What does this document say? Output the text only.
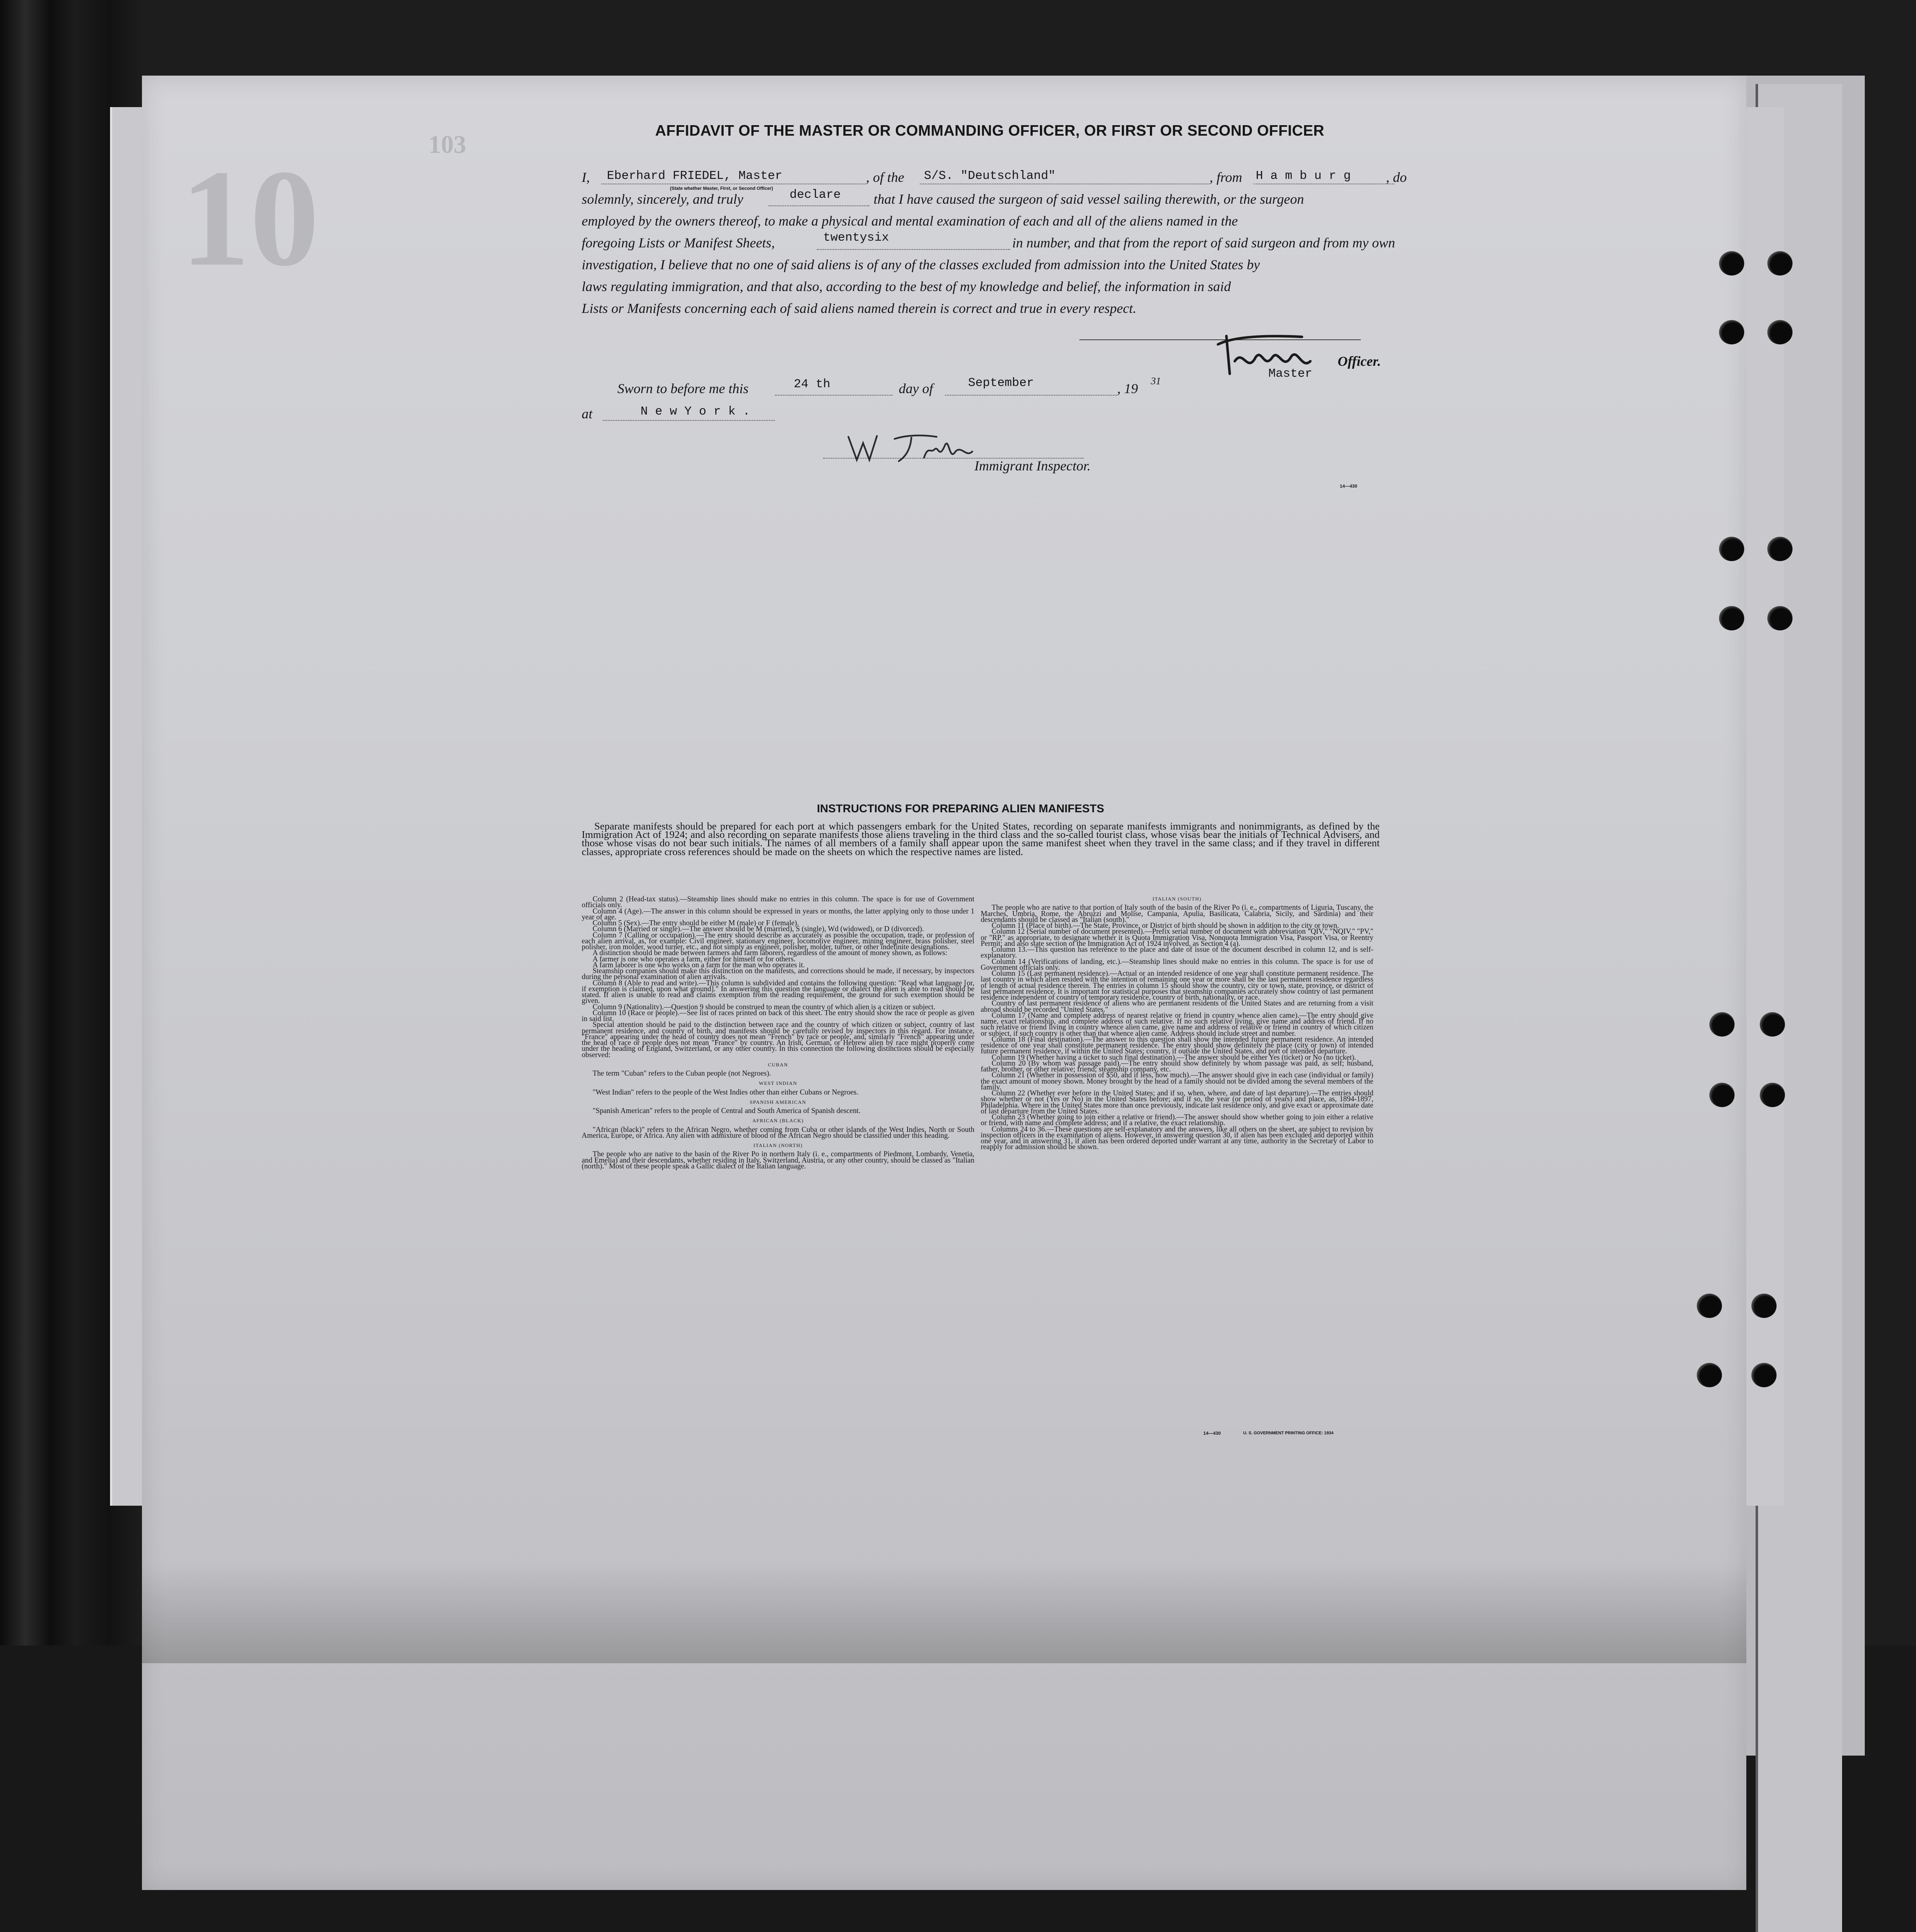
10	103
AFFIDAVIT OF THE MASTER OR COMMANDING OFFICER, OR FIRST OR SECOND OFFICER
I, Eberhard FRIEDEL, Master
(State whether Master, First, or Second Officer)
, of the S/S. "Deutschland"	, from H a m b u r g	, do
solemnly, sincerely, and truly	declare that I have caused the surgeon of said vessel sailing therewith, or the surgeon
employed by the owners thereof, to make a physical and mental examination of each and all of the aliens named in the
foregoing Lists or Manifest Sheets,	twentysix	in number, and that from the report of said surgeon and from my own
investigation, I believe that no one of said aliens is of any of the classes excluded from admission into the United States by
laws regulating immigration, and that also, according to the best of my knowledge and belief, the information in said
Lists or Manifests concerning each of said aliens named therein is correct and true in every respect.
Officer.
Master
Sworn to before me this	24 th	day of	September	, 19 31
at	N e w Y o r k .
Immigrant Inspector.
14—430
INSTRUCTIONS FOR PREPARING ALIEN MANIFESTS
Separate manifests should be prepared for each port at which passengers embark for the United States, recording on separate manifests immigrants and nonimmigrants, as defined by the Immigration Act of 1924; and also recording on separate manifests those aliens traveling in the third class and the so-called tourist class, whose visas bear the initials of Technical Advisers, and those whose visas do not bear such initials. The names of all members of a family shall appear upon the same manifest sheet when they travel in the same class; and if they travel in different classes, appropriate cross references should be made on the sheets on which the respective names are listed.

Column 2 (Head-tax status).—Steamship lines should make no entries in this column. The space is for use of Government officials only.

Column 4 (Age).—The answer in this column should be expressed in years or months, the latter applying only to those under 1 year of age.

Column 5 (Sex).—The entry should be either M (male) or F (female).

Column 6 (Married or single).—The answer should be M (married), S (single), Wd (widowed), or D (divorced).

Column 7 (Calling or occupation).—The entry should describe as accurately as possible the occupation, trade, or profession of each alien arrival, as, for example: Civil engineer, stationary engineer, locomotive engineer, mining engineer, brass polisher, steel polisher, iron molder, wood turner, etc., and not simply as engineer, polisher, molder, turner, or other indefinite designations.

A distinction should be made between farmers and farm laborers, regardless of the amount of money shown, as follows:

A farmer is one who operates a farm, either for himself or for others.

A farm laborer is one who works on a farm for the man who operates it.

Steamship companies should make this distinction on the manifests, and corrections should be made, if necessary, by inspectors during the personal examination of alien arrivals.

Column 8 (Able to read and write).—This column is subdivided and contains the following question: "Read what language [or, if exemption is claimed, upon what ground]." In answering this question the language or dialect the alien is able to read should be stated. If alien is unable to read and claims exemption from the reading requirement, the ground for such exemption should be given.

Column 9 (Nationality).—Question 9 should be construed to mean the country of which alien is a citizen or subject.

Column 10 (Race or people).—See list of races printed on back of this sheet. The entry should show the race or people as given in said list.

Special attention should be paid to the distinction between race and the country of which citizen or subject, country of last permanent residence, and country of birth, and manifests should be carefully revised by inspectors in this regard. For instance, "France" appearing under the head of country does not mean "French" by race or people, and, similarly "French" appearing under the head of race or people does not mean "France" by country. An Irish, German, or Hebrew alien by race might properly come under the heading of England, Switzerland, or any other country. In this connection the following distinctions should be especially observed:

CUBAN

The term "Cuban" refers to the Cuban people (not Negroes).

WEST INDIAN

"West Indian" refers to the people of the West Indies other than either Cubans or Negroes.

SPANISH AMERICAN

"Spanish American" refers to the people of Central and South America of Spanish descent.

AFRICAN (BLACK)

"African (black)" refers to the African Negro, whether coming from Cuba or other islands of the West Indies, North or South America, Europe, or Africa. Any alien with admixture of blood of the African Negro should be classified under this heading.

ITALIAN (NORTH)

The people who are native to the basin of the River Po in northern Italy (i. e., compartments of Piedmont, Lombardy, Venetia, and Emelia) and their descendants, whether residing in Italy, Switzerland, Austria, or any other country, should be classed as "Italian (north)." Most of these people speak a Gallic dialect of the Italian language.

ITALIAN (SOUTH)

The people who are native to that portion of Italy south of the basin of the River Po (i. e., compartments of Liguria, Tuscany, the Marches, Umbria, Rome, the Abruzzi and Molise, Campania, Apulia, Basilicata, Calabria, Sicily, and Sardinia) and their descendants should be classed as "Italian (south)."

Column 11 (Place of birth).—The State, Province, or District of birth should be shown in addition to the city or town.

Column 12 (Serial number of document presented).—Prefix serial number of document with abbreviation "QIV," "NQIV," "PV," or "RP," as appropriate, to designate whether it is Quota Immigration Visa, Nonquota Immigration Visa, Passport Visa, or Reentry Permit; and also state section of the Immigration Act of 1924 involved, as Section 4 (a).

Column 13.—This question has reference to the place and date of issue of the document described in column 12, and is self-explanatory.

Column 14 (Verifications of landing, etc.).—Steamship lines should make no entries in this column. The space is for use of Government officials only.

Column 15 (Last permanent residence).—Actual or an intended residence of one year shall constitute permanent residence. The last country in which alien resided with the intention of remaining one year or more shall be the last permanent residence regardless of length of actual residence therein. The entries in column 15 should show the country, city or town, state, province, or district of last permanent residence. It is important for statistical purposes that steamship companies accurately show country of last permanent residence independent of country of temporary residence, country of birth, nationality, or race.

Country of last permanent residence of aliens who are permanent residents of the United States and are returning from a visit abroad should be recorded "United States."

Column 17 (Name and complete address of nearest relative or friend in country whence alien came).—The entry should give name, exact relationship, and complete address of such relative. If no such relative living, give name and address of friend. If no such relative or friend living in country whence alien came, give name and address of relative or friend in country of which citizen or subject, if such country is other than that whence alien came. Address should include street and number.

Column 18 (Final destination).—The answer to this question shall show the intended future permanent residence. An intended residence of one year shall constitute permanent residence. The entry should show definitely the place (city or town) of intended future permanent residence, if within the United States; country, if outside the United States, and port of intended departure.

Column 19 (Whether having a ticket to such final destination).—The answer should be either Yes (ticket) or No (no ticket).

Column 20 (By whom was passage paid).—The entry should show definitely by whom passage was paid, as self; husband, father, brother, or other relative; friend; steamship company, etc.

Column 21 (Whether in possession of $50, and if less, how much).—The answer should give in each case (individual or family) the exact amount of money shown. Money brought by the head of a family should not be divided among the several members of the family.

Column 22 (Whether ever before in the United States; and if so, when, where, and date of last departure).—The entries should show whether or not (Yes or No) in the United States before; and if so, the year (or period of years) and place, as, 1894-1897, Philadelphia. Where in the United States more than once previously, indicate last residence only, and give exact or approximate date of last departure from the United States.

Column 23 (Whether going to join either a relative or friend).—The answer should show whether going to join either a relative or friend, with name and complete address; and if a relative, the exact relationship.

Columns 24 to 36.—These questions are self-explanatory and the answers, like all others on the sheet, are subject to revision by inspection officers in the examination of aliens. However, in answering question 30, if alien has been excluded and deported within one year, and in answering 31, if alien has been ordered deported under warrant at any time, authority in the Secretary of Labor to reapply for admission should be shown.

14—430	U. S. GOVERNMENT PRINTING OFFICE: 1934
